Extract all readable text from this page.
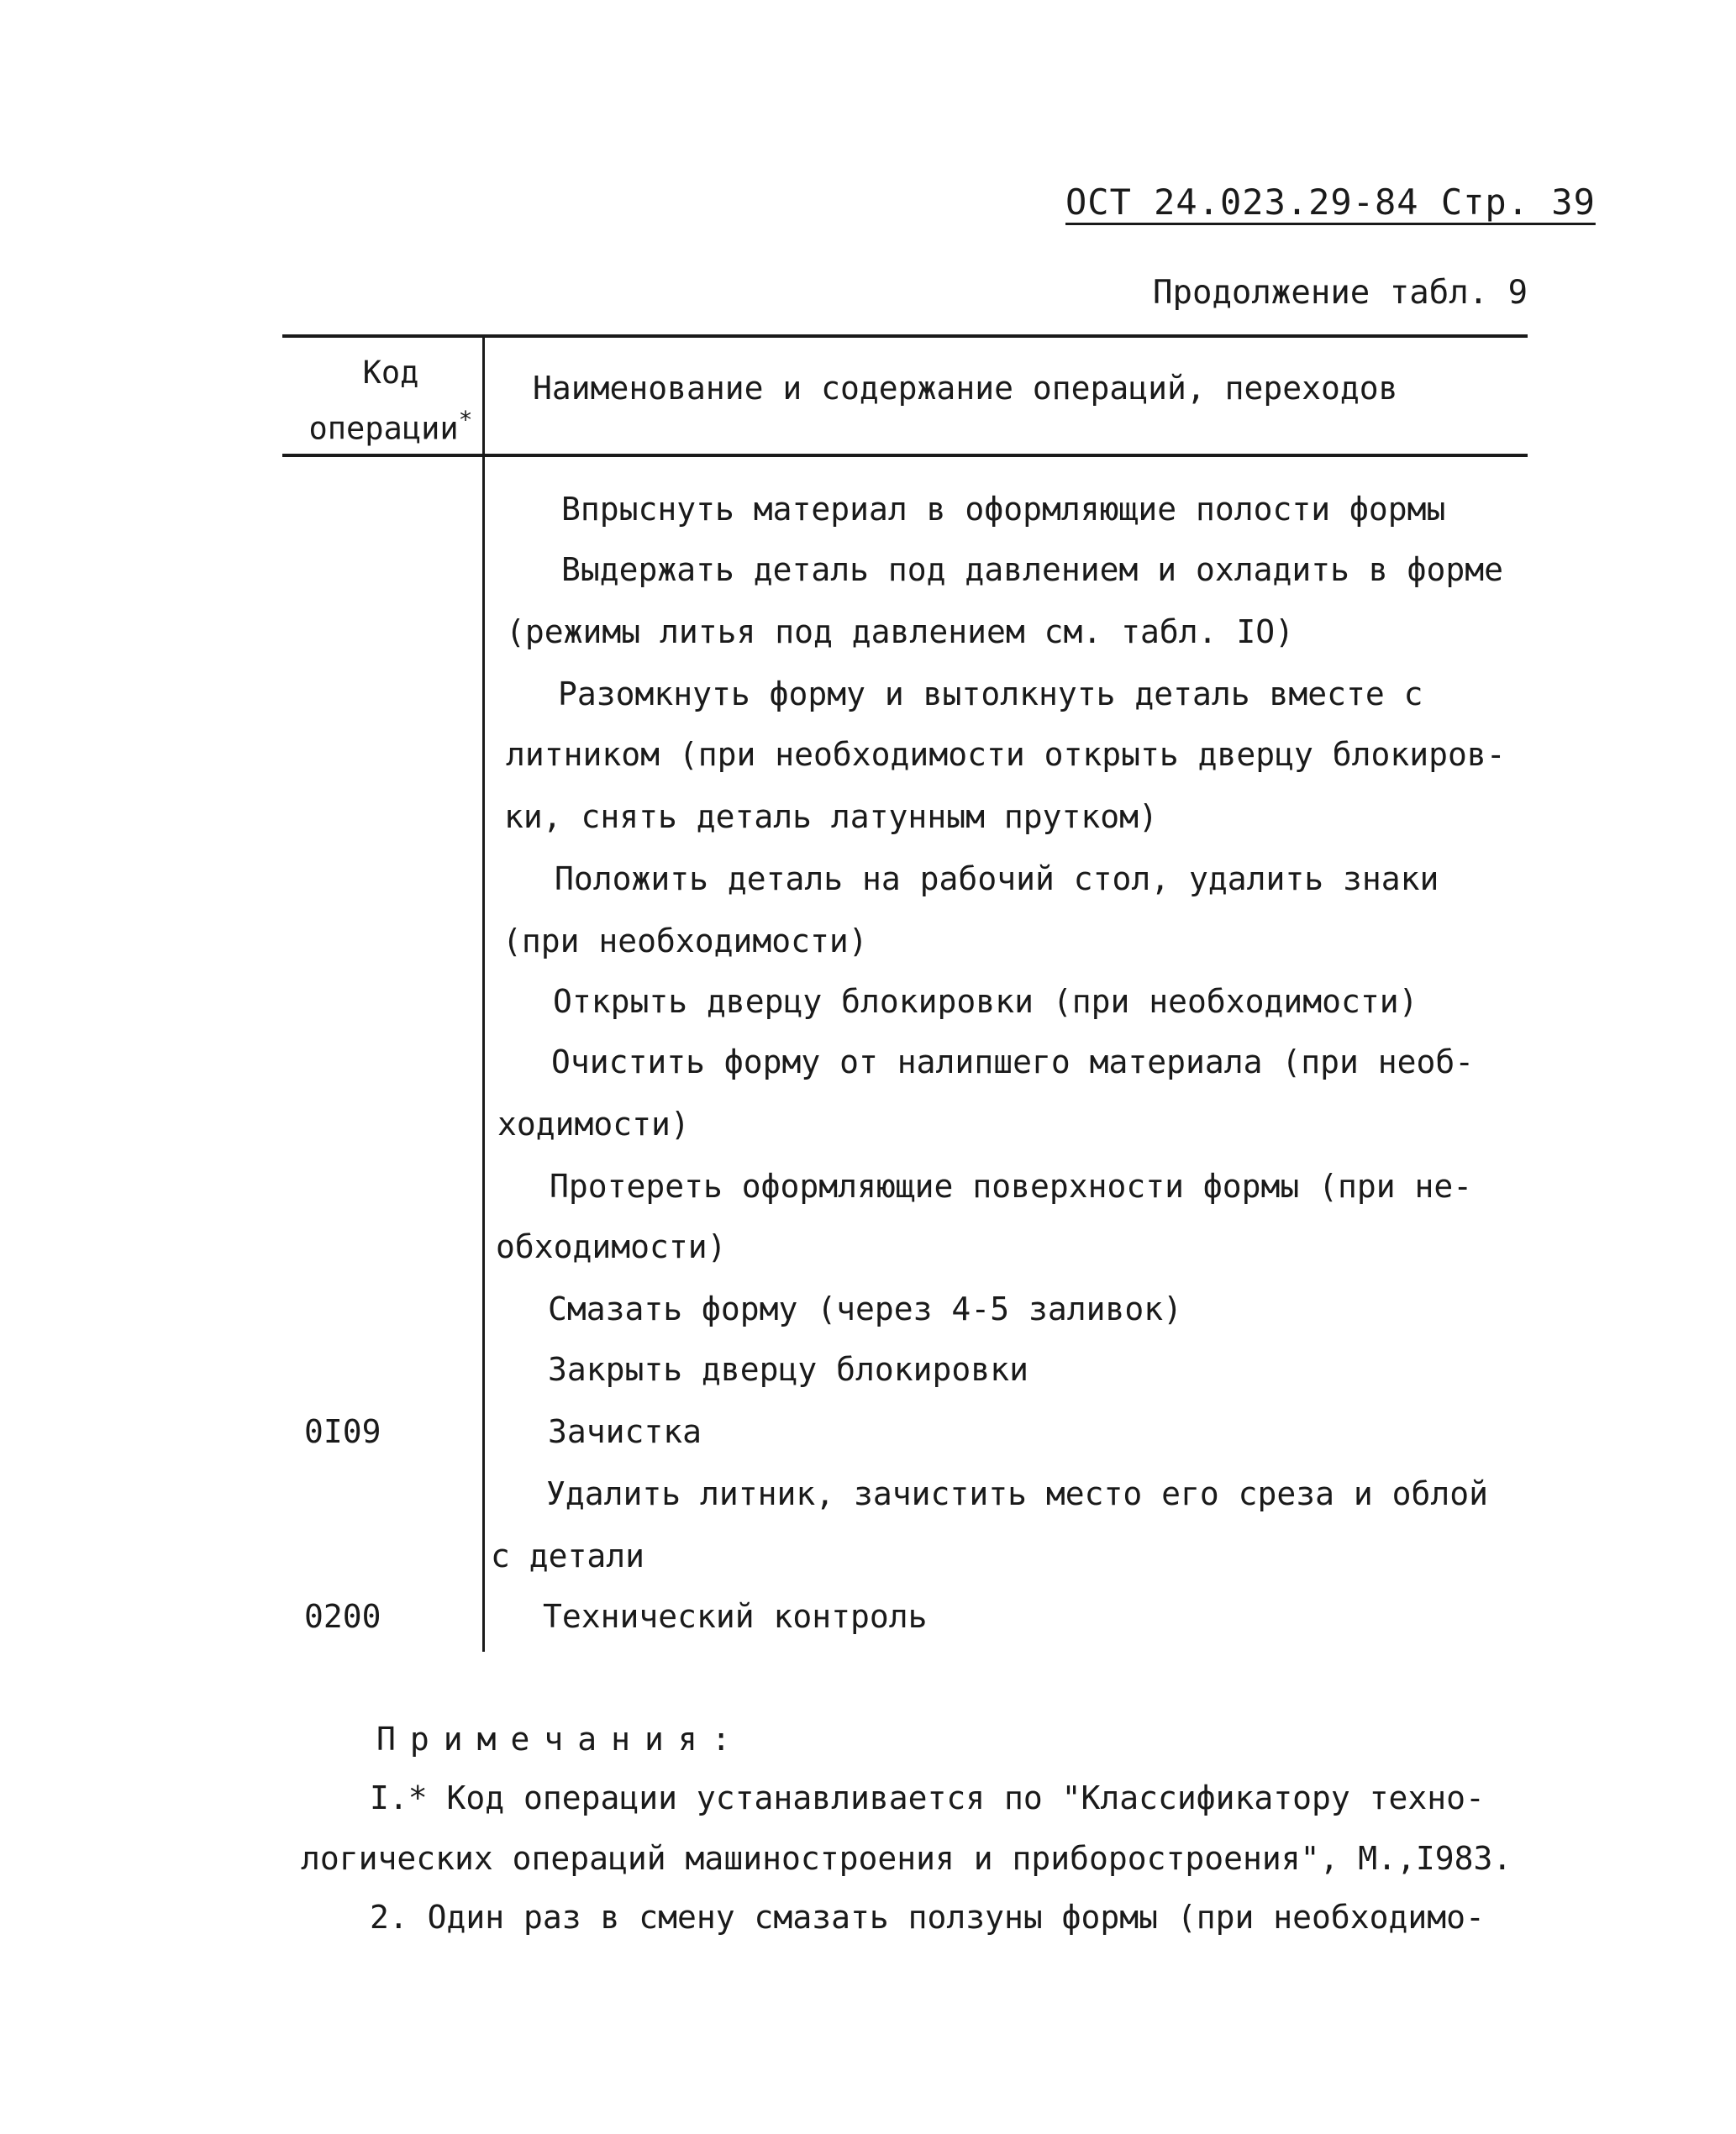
ОСТ 24.023.29-84 Стр. 39
Продолжение табл. 9
Код
операции*
Наименование и содержание операций, переходов
Впрыснуть материал в оформляющие полости формы
Выдержать деталь под давлением и охладить в форме
(режимы литья под давлением см. табл. IO)
Разомкнуть форму и вытолкнуть деталь вместе с
литником (при необходимости открыть дверцу блокиров-
ки, снять деталь латунным прутком)
Положить деталь на рабочий стол, удалить знаки
(при необходимости)
Открыть дверцу блокировки (при необходимости)
Очистить форму от налипшего материала (при необ-
ходимости)
Протереть оформляющие поверхности формы (при не-
обходимости)
Смазать форму (через 4-5 заливок)
Закрыть дверцу блокировки
Зачистка
Удалить литник, зачистить место его среза и облой
с детали
Технический контроль
0I09
0200
Примечания:
I.* Код операции устанавливается по "Классификатору техно-
логических операций машиностроения и приборостроения", М.,I983.
2. Один раз в смену смазать ползуны формы (при необходимо-
